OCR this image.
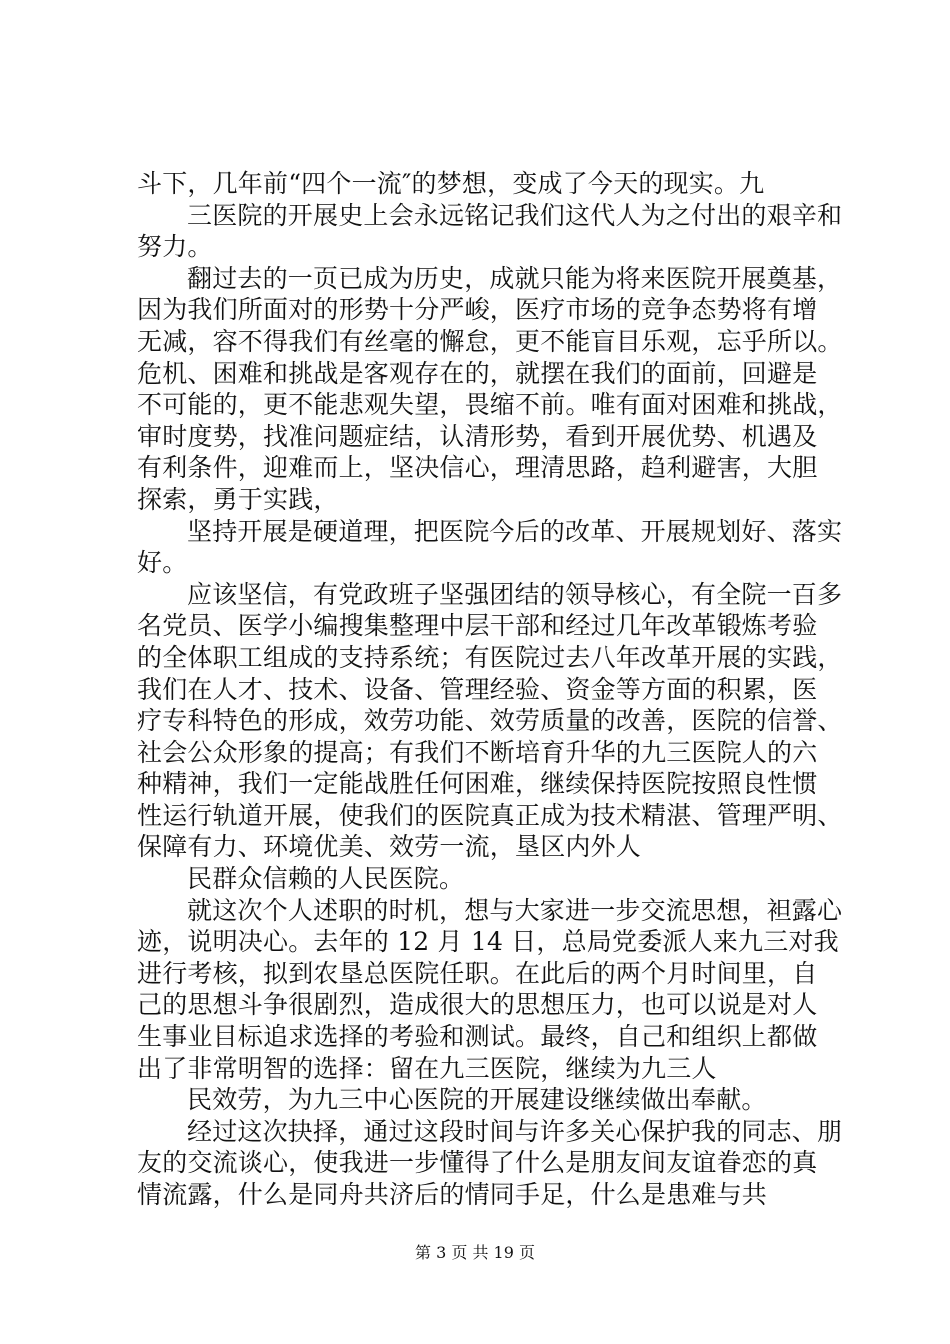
斗下，几年前“四个一流″的梦想，变成了今天的现实。九
三医院的开展史上会永远铭记我们这代人为之付出的艰辛和
努力。
翻过去的一页已成为历史，成就只能为将来医院开展奠基，
因为我们所面对的形势十分严峻，医疗市场的竞争态势将有增
无减，容不得我们有丝毫的懈怠，更不能盲目乐观，忘乎所以。
危机、困难和挑战是客观存在的，就摆在我们的面前，回避是
不可能的，更不能悲观失望，畏缩不前。唯有面对困难和挑战，
审时度势，找准问题症结，认清形势，看到开展优势、机遇及
有利条件，迎难而上，坚决信心，理清思路，趋利避害，大胆
探索，勇于实践，
坚持开展是硬道理，把医院今后的改革、开展规划好、落实
好。
应该坚信，有党政班子坚强团结的领导核心，有全院一百多
名党员、医学小编搜集整理中层干部和经过几年改革锻炼考验
的全体职工组成的支持系统；有医院过去八年改革开展的实践，
我们在人才、技术、设备、管理经验、资金等方面的积累，医
疗专科特色的形成，效劳功能、效劳质量的改善，医院的信誉、
社会公众形象的提高；有我们不断培育升华的九三医院人的六
种精神，我们一定能战胜任何困难，继续保持医院按照良性惯
性运行轨道开展，使我们的医院真正成为技术精湛、管理严明、
保障有力、环境优美、效劳一流，垦区内外人
民群众信赖的人民医院。
就这次个人述职的时机，想与大家进一步交流思想，袒露心
迹，说明决心。去年的 12 月 14 日，总局党委派人来九三对我
进行考核，拟到农垦总医院任职。在此后的两个月时间里，自
己的思想斗争很剧烈，造成很大的思想压力，也可以说是对人
生事业目标追求选择的考验和测试。最终，自己和组织上都做
出了非常明智的选择：留在九三医院，继续为九三人
民效劳，为九三中心医院的开展建设继续做出奉献。
经过这次抉择，通过这段时间与许多关心保护我的同志、朋
友的交流谈心，使我进一步懂得了什么是朋友间友谊眷恋的真
情流露，什么是同舟共济后的情同手足，什么是患难与共
第 3 页 共 19 页
